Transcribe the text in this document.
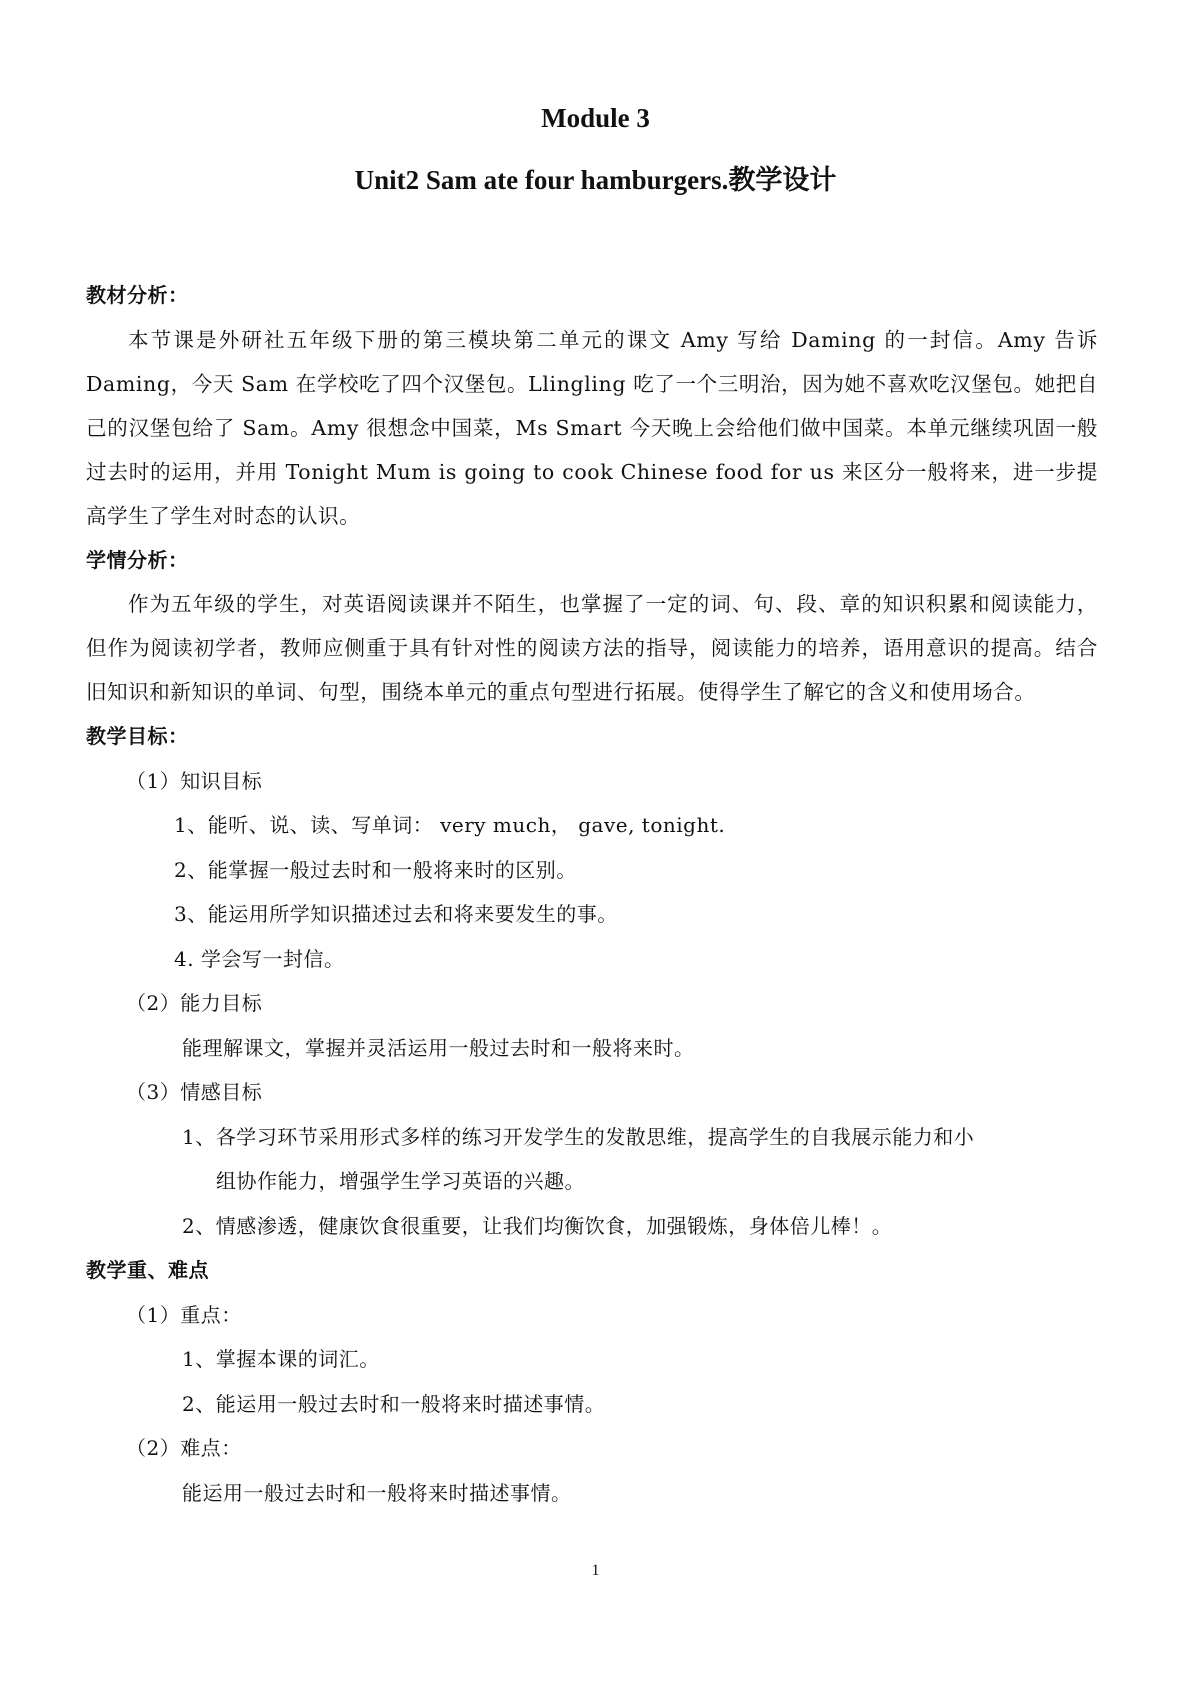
Module 3
Unit2 Sam ate four hamburgers.教学设计
教材分析：

本节课是外研社五年级下册的第三模块第二单元的课文 Amy 写给 Daming 的一封信。Amy 告诉 Daming，今天 Sam 在学校吃了四个汉堡包。Llingling 吃了一个三明治，因为她不喜欢吃汉堡包。她把自己的汉堡包给了 Sam。Amy 很想念中国菜，Ms Smart 今天晚上会给他们做中国菜。本单元继续巩固一般过去时的运用，并用 Tonight Mum is going to cook Chinese food for us 来区分一般将来，进一步提高学生了学生对时态的认识。

学情分析：

作为五年级的学生，对英语阅读课并不陌生，也掌握了一定的词、句、段、章的知识积累和阅读能力，但作为阅读初学者，教师应侧重于具有针对性的阅读方法的指导，阅读能力的培养，语用意识的提高。结合旧知识和新知识的单词、句型，围绕本单元的重点句型进行拓展。使得学生了解它的含义和使用场合。

教学目标：
（1）知识目标
1、能听、说、读、写单词： very much， gave, tonight.
2、能掌握一般过去时和一般将来时的区别。
3、能运用所学知识描述过去和将来要发生的事。
4. 学会写一封信。
（2）能力目标
能理解课文，掌握并灵活运用一般过去时和一般将来时。
（3）情感目标
1、各学习环节采用形式多样的练习开发学生的发散思维，提高学生的自我展示能力和小
组协作能力，增强学生学习英语的兴趣。
2、情感渗透，健康饮食很重要，让我们均衡饮食，加强锻炼，身体倍儿棒！。
教学重、难点
（1）重点：
1、掌握本课的词汇。
2、能运用一般过去时和一般将来时描述事情。
（2）难点：
能运用一般过去时和一般将来时描述事情。
1
